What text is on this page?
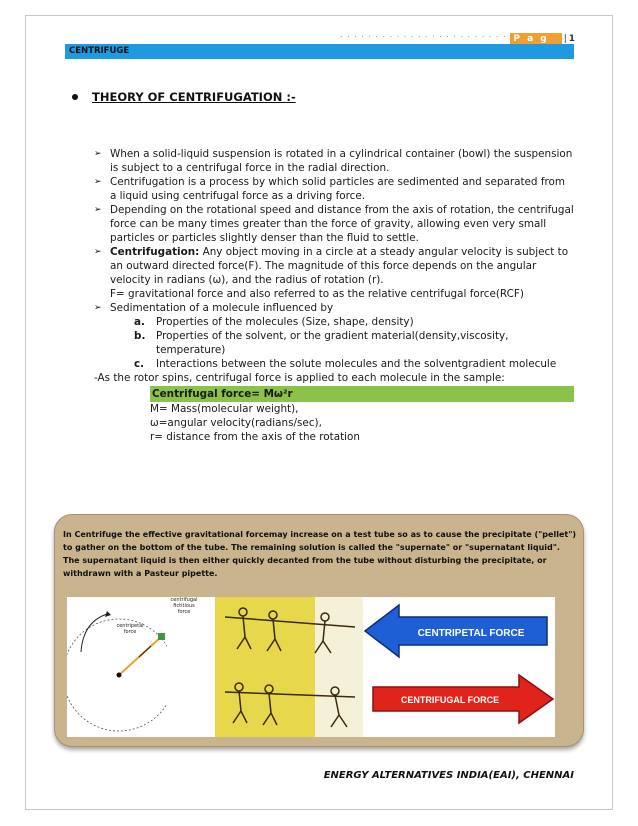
. . . . . . . . . . . . . . . . . . . . . . . . P a g	| 1
CENTRIFUGE
THEORY OF CENTRIFUGATION :-
➢ When a solid-liquid suspension is rotated in a cylindrical container (bowl) the suspension is subject to a centrifugal force in the radial direction.
➢ Centrifugation is a process by which solid particles are sedimented and separated from a liquid using centrifugal force as a driving force.
➢ Depending on the rotational speed and distance from the axis of rotation, the centrifugal force can be many times greater than the force of gravity, allowing even very small particles or particles slightly denser than the fluid to settle.
➢ Centrifugation: Any object moving in a circle at a steady angular velocity is subject to an outward directed force(F). The magnitude of this force depends on the angular velocity in radians (ω), and the radius of rotation (r).
F= gravitational force and also referred to as the relative centrifugal force(RCF)
➢ Sedimentation of a molecule influenced by
a.	Properties of the molecules (Size, shape, density)
b.	Properties of the solvent, or the gradient material(density,viscosity, temperature)
c.	Interactions between the solute molecules and the solventgradient molecule
-As the rotor spins, centrifugal force is applied to each molecule in the sample:
Centrifugal force= Mω²r
M= Mass(molecular weight),
ω=angular velocity(radians/sec),
r= distance from the axis of the rotation
In Centrifuge the effective gravitational forcemay increase on a test tube so as to cause the precipitate ("pellet") to gather on the bottom of the tube. The remaining solution is called the "supernate" or "supernatant liquid". The supernatant liquid is then either quickly decanted from the tube without disturbing the precipitate, or withdrawn with a Pasteur pipette.
centrifugal fictitious force
centripetal force	CENTRIPETAL FORCE
CENTRIFUGAL FORCE
ENERGY ALTERNATIVES INDIA(EAI), CHENNAI
